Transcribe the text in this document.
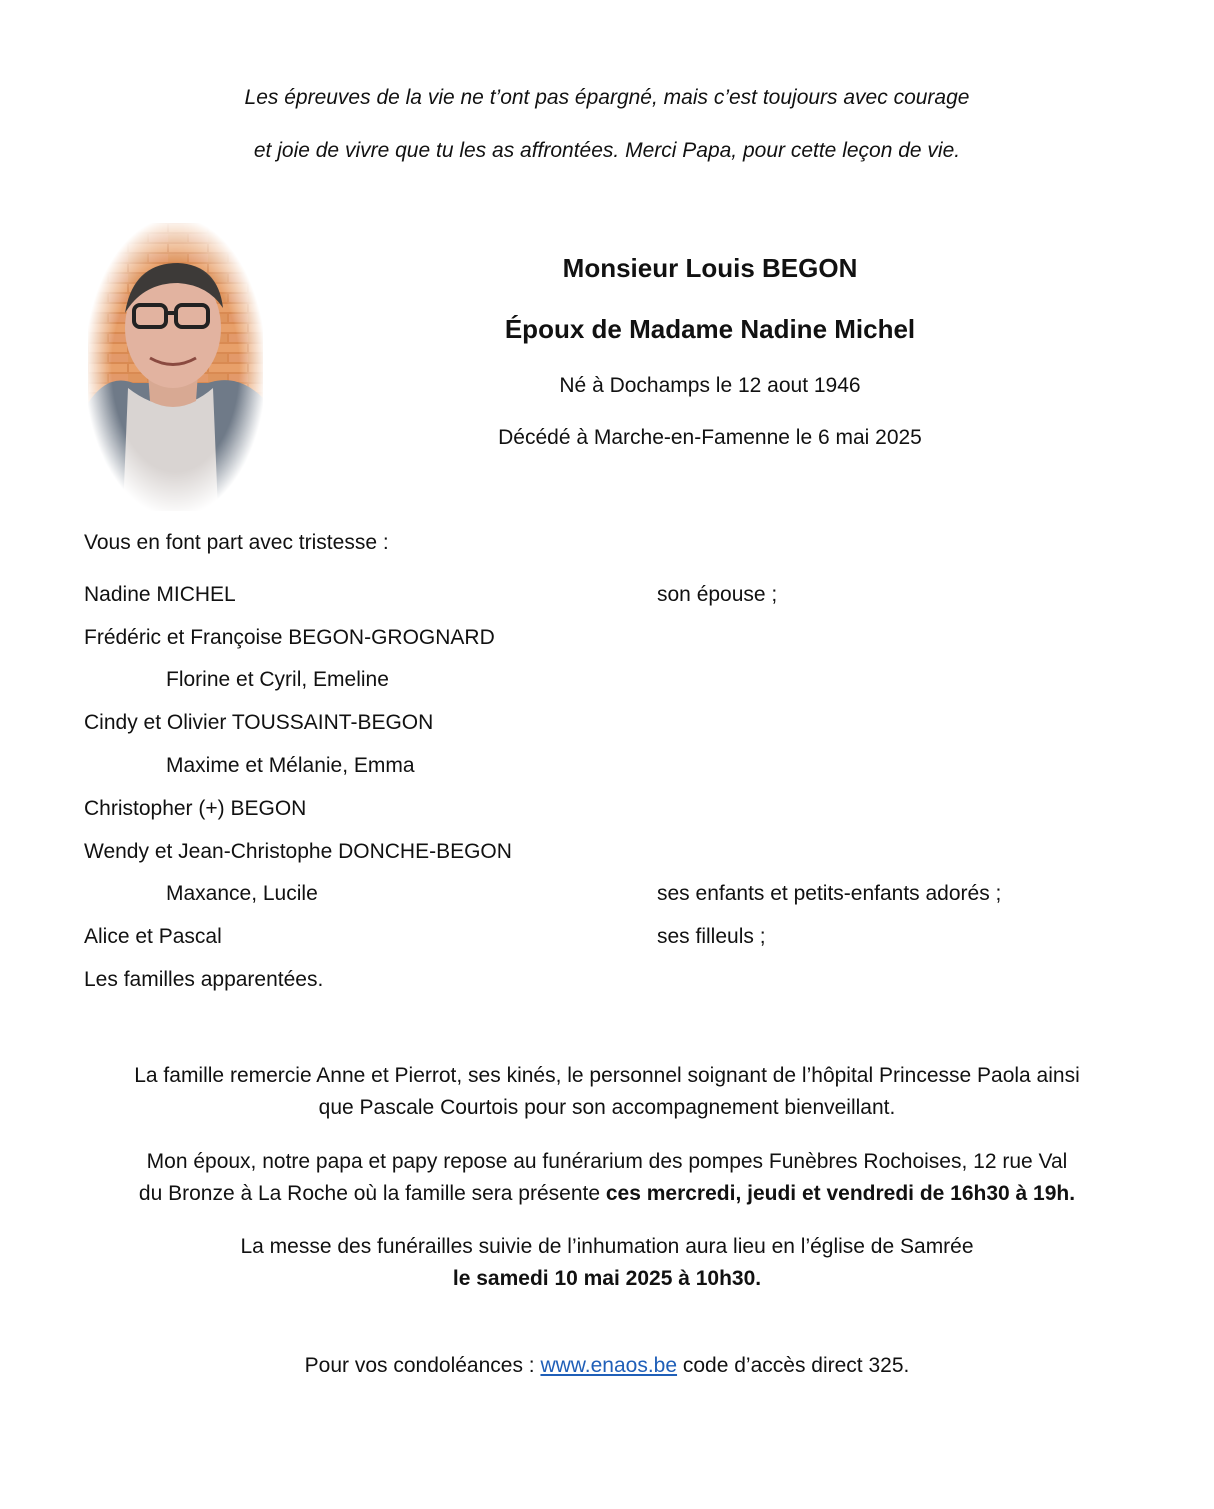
Les épreuves de la vie ne t’ont pas épargné, mais c’est toujours avec courage
et joie de vivre que tu les as affrontées. Merci Papa, pour cette leçon de vie.
Monsieur Louis BEGON
Époux de Madame Nadine Michel
Né à Dochamps le 12 aout 1946
Décédé à Marche-en-Famenne le 6 mai 2025
Vous en font part avec tristesse :
Nadine MICHEL	son épouse ;
Frédéric et Françoise BEGON-GROGNARD
Florine et Cyril, Emeline
Cindy et Olivier TOUSSAINT-BEGON
Maxime et Mélanie, Emma
Christopher (+) BEGON
Wendy et Jean-Christophe DONCHE-BEGON
Maxance, Lucile	ses enfants et petits-enfants adorés ;
Alice et Pascal	ses filleuls ;
Les familles apparentées.
La famille remercie Anne et Pierrot, ses kinés, le personnel soignant de l’hôpital Princesse Paola ainsi
que Pascale Courtois pour son accompagnement bienveillant.
Mon époux, notre papa et papy repose au funérarium des pompes Funèbres Rochoises, 12 rue Val
du Bronze à La Roche où la famille sera présente ces mercredi, jeudi et vendredi de 16h30 à 19h.
La messe des funérailles suivie de l’inhumation aura lieu en l’église de Samrée
le samedi 10 mai 2025 à 10h30.
Pour vos condoléances : www.enaos.be code d’accès direct 325.
